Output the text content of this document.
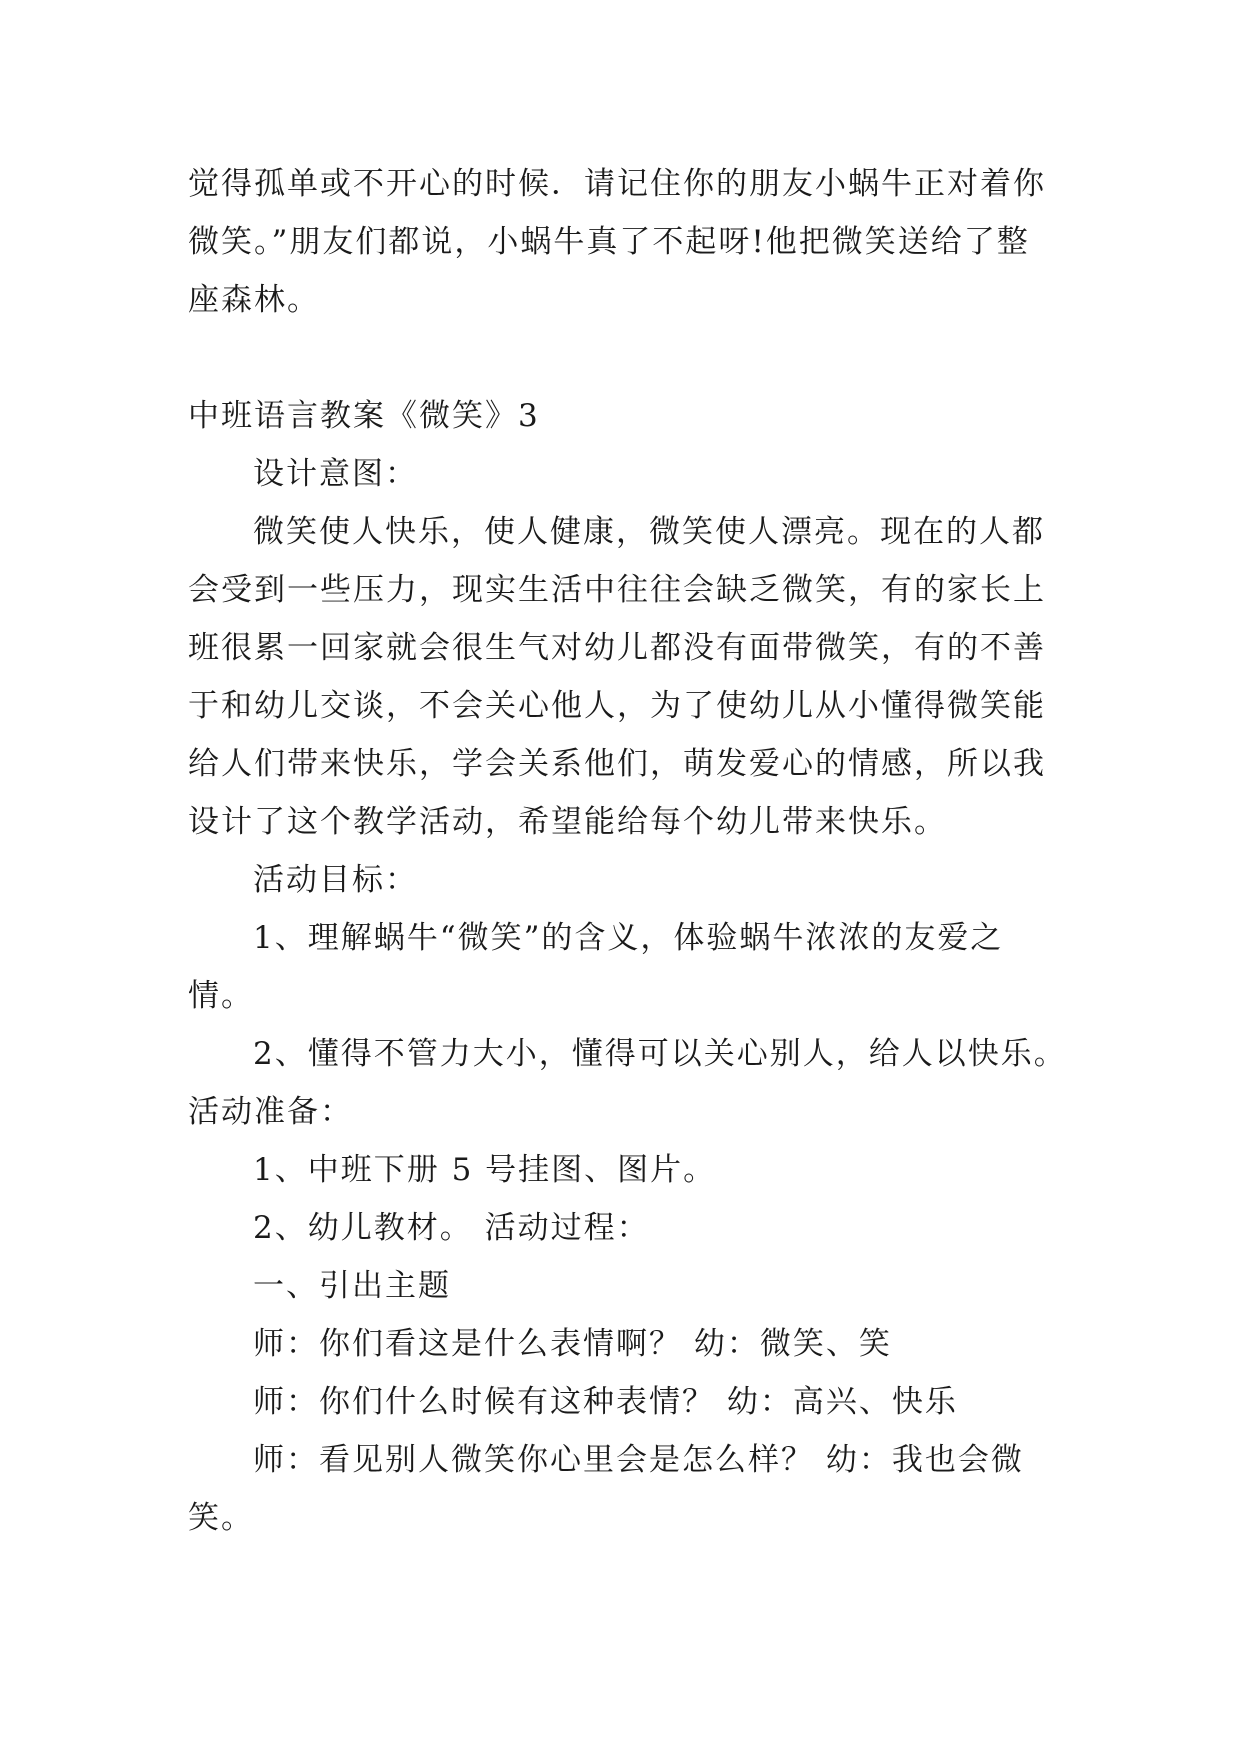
觉得孤单或不开心的时候．请记住你的朋友小蜗牛正对着你
微笑。”朋友们都说，小蜗牛真了不起呀!他把微笑送给了整
座森林。
中班语言教案《微笑》3
设计意图：
微笑使人快乐，使人健康，微笑使人漂亮。现在的人都
会受到一些压力，现实生活中往往会缺乏微笑，有的家长上
班很累一回家就会很生气对幼儿都没有面带微笑，有的不善
于和幼儿交谈，不会关心他人，为了使幼儿从小懂得微笑能
给人们带来快乐，学会关系他们，萌发爱心的情感，所以我
设计了这个教学活动，希望能给每个幼儿带来快乐。
活动目标：
1、理解蜗牛“微笑”的含义，体验蜗牛浓浓的友爱之
情。
2、懂得不管力大小，懂得可以关心别人，给人以快乐。
活动准备：
1、中班下册 5 号挂图、图片。
2、幼儿教材。 活动过程：
一、引出主题
师：你们看这是什么表情啊？ 幼：微笑、笑
师：你们什么时候有这种表情？ 幼：高兴、快乐
师：看见别人微笑你心里会是怎么样？ 幼：我也会微
笑。
